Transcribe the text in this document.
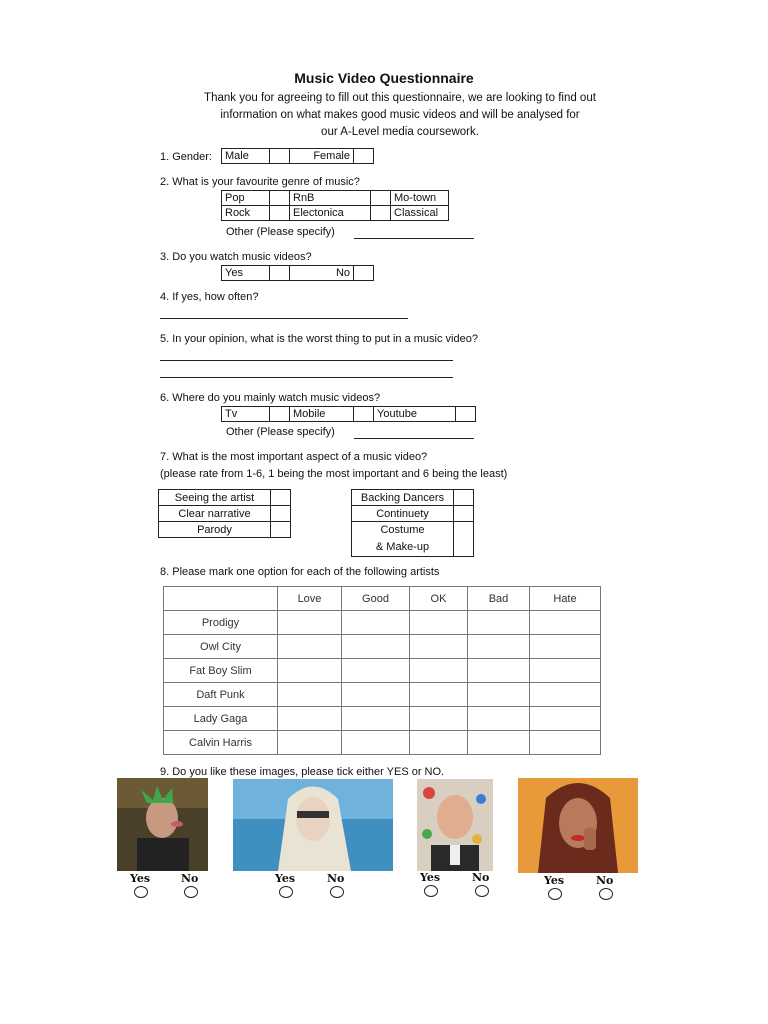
Music Video Questionnaire
Thank you for agreeing to fill out this questionnaire, we are looking to find out
information on what makes good music videos and will be analysed for
our A-Level media coursework.
1. Gender: Male		Female	
2. What is your favourite genre of music?
Pop		RnB		Mo-town
Rock		Electonica		Classical
Other (Please specify)
3. Do you watch music videos?
Yes		No	
4. If yes, how often?
5. In your opinion, what is the worst thing to put in a music video?
6. Where do you mainly watch music videos?
Tv		Mobile		Youtube	
Other (Please specify)
7. What is the most important aspect of a music video?
(please rate from 1-6, 1 being the most important and 6 being the least)
Seeing the artist	
Clear narrative	
Parody	
Backing Dancers	
Continuety	
Costume
& Make-up	
8. Please mark one option for each of the following artists
	Love	Good	OK	Bad	Hate
Prodigy					
Owl City					
Fat Boy Slim					
Daft Punk					
Lady Gaga					
Calvin Harris					
9. Do you like these images, please tick either YES or NO.
Yes	No	Yes	No	Yes	No	Yes	No
